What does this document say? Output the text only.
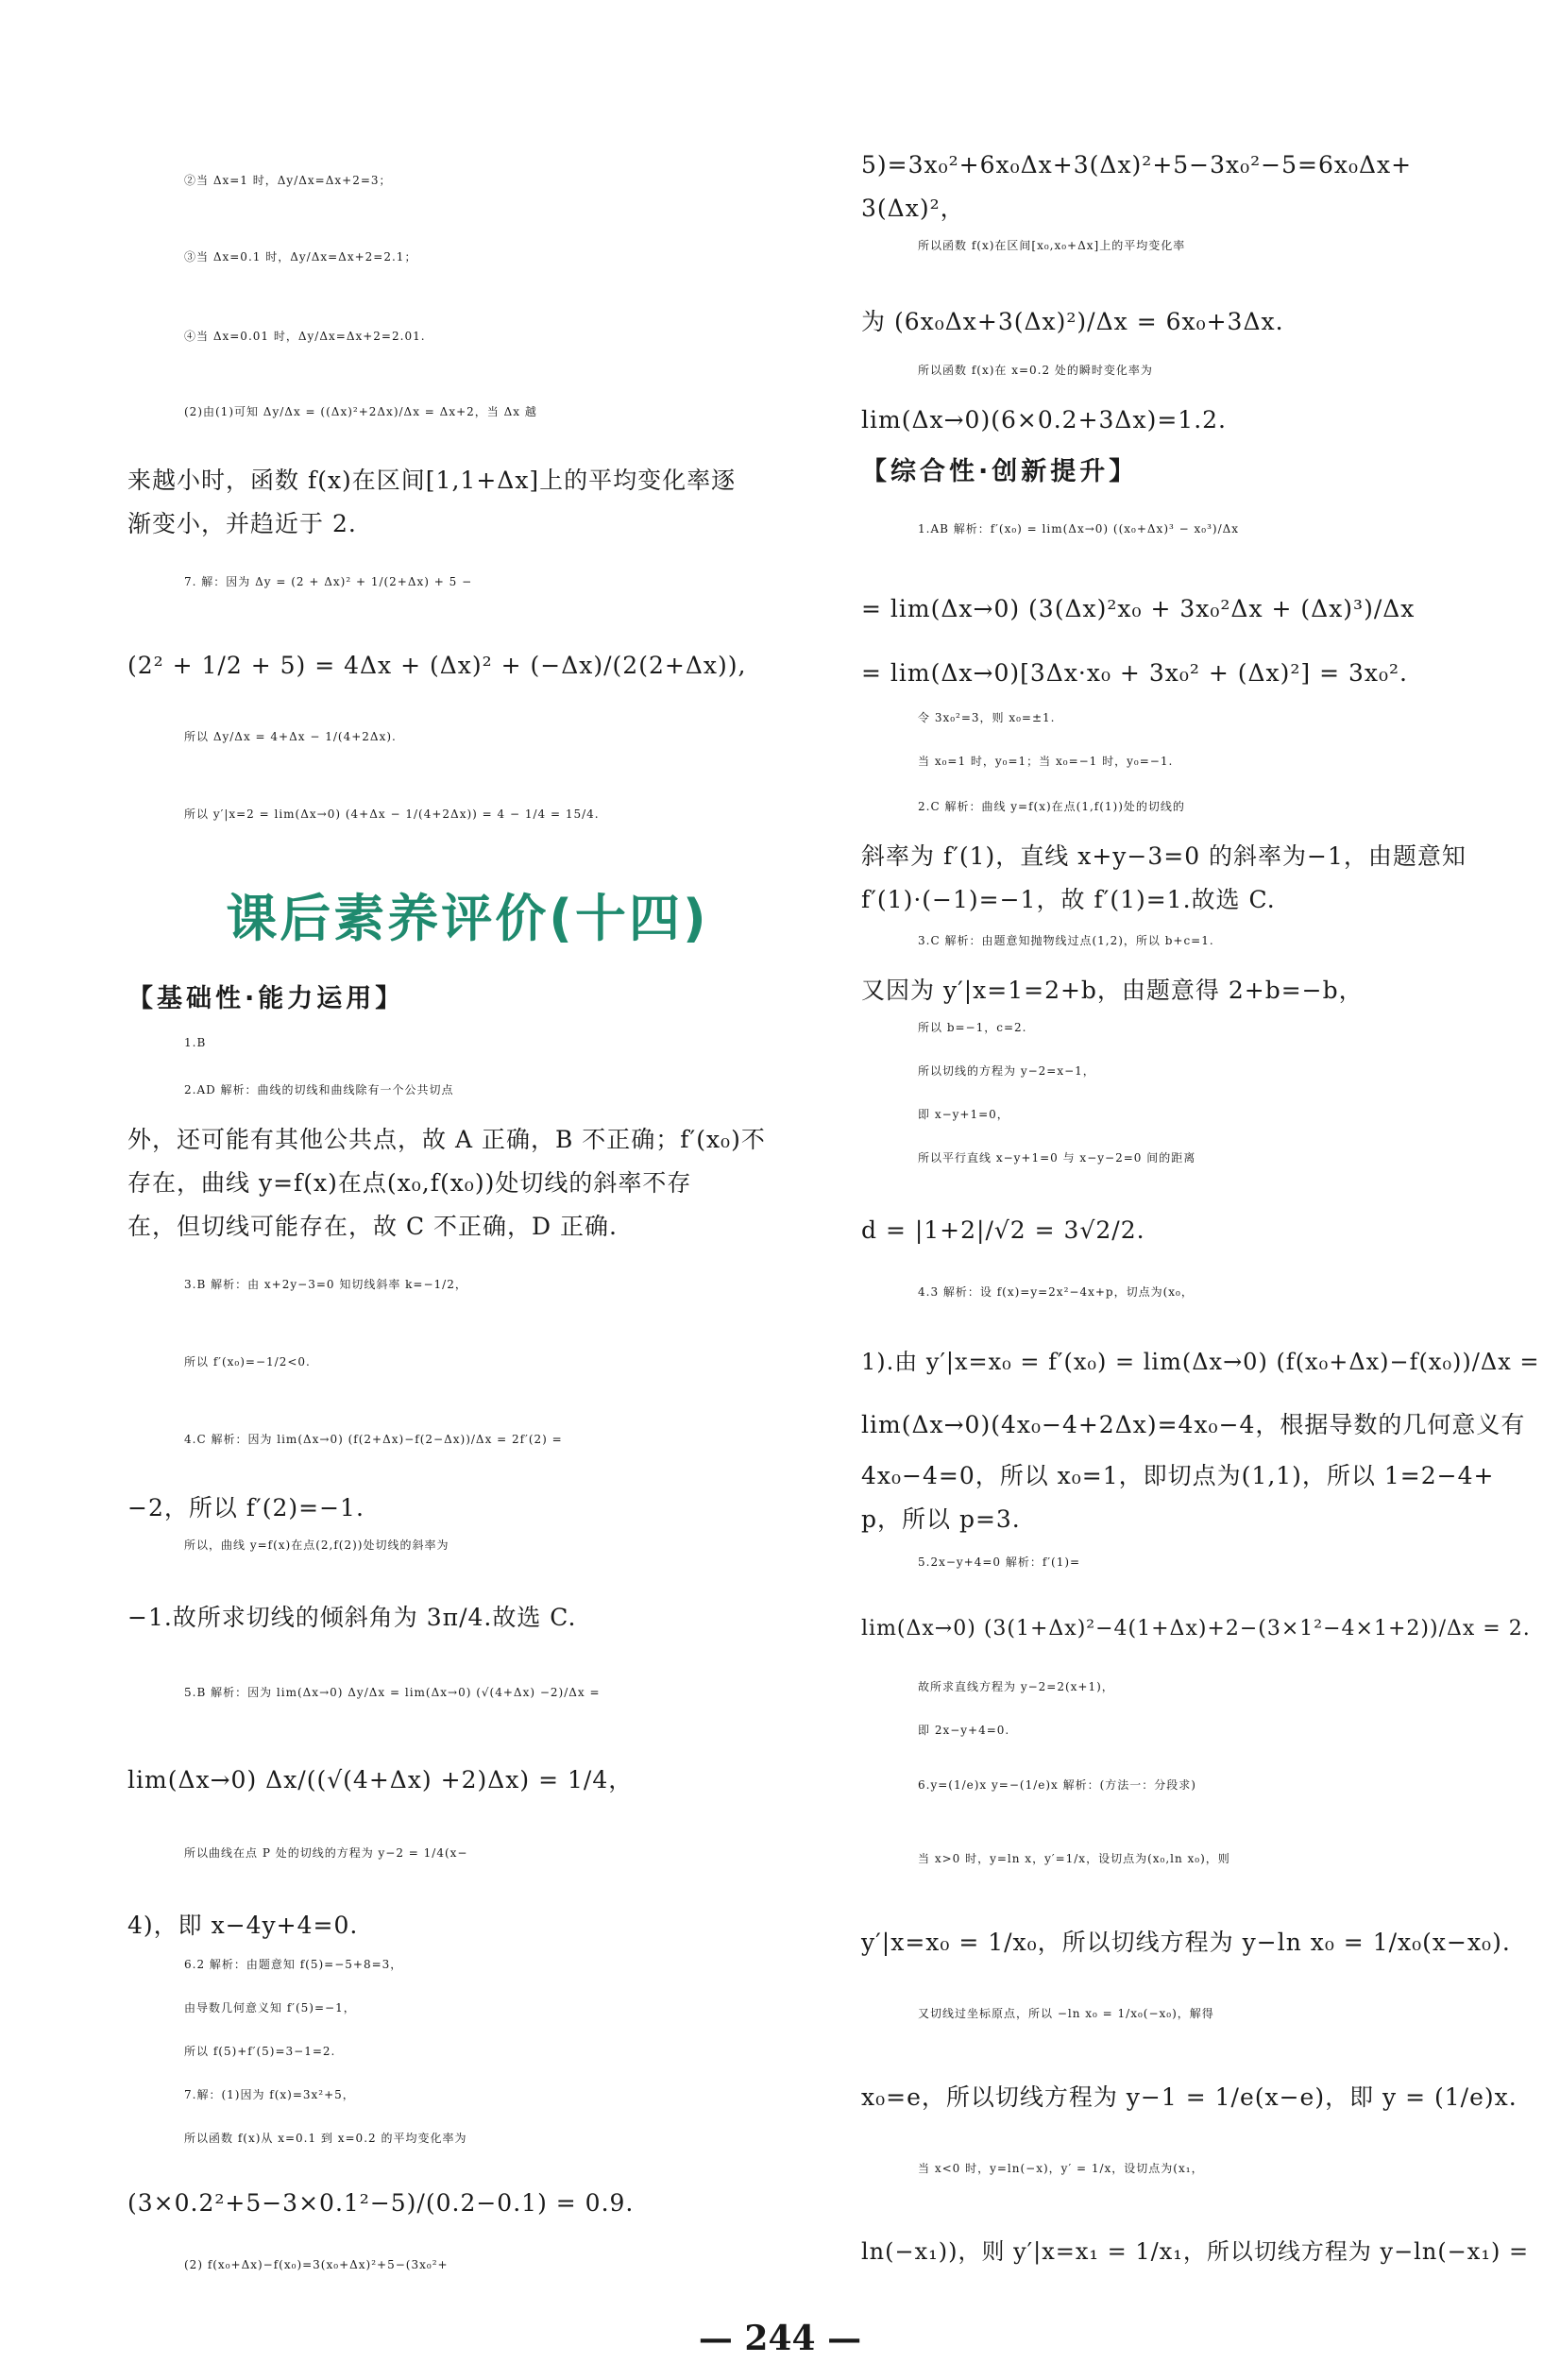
②当 Δx=1 时，Δy/Δx=Δx+2=3；
③当 Δx=0.1 时，Δy/Δx=Δx+2=2.1；
④当 Δx=0.01 时，Δy/Δx=Δx+2=2.01.
(2)由(1)可知 Δy/Δx = ((Δx)²+2Δx)/Δx = Δx+2，当 Δx 越
来越小时，函数 f(x)在区间[1,1+Δx]上的平均变化率逐
渐变小，并趋近于 2.
7. 解：因为 Δy = (2 + Δx)² + 1/(2+Δx) + 5 −
(2² + 1/2 + 5) = 4Δx + (Δx)² + (−Δx)/(2(2+Δx)),
所以 Δy/Δx = 4+Δx − 1/(4+2Δx).
所以 y′|x=2 = lim(Δx→0) (4+Δx − 1/(4+2Δx)) = 4 − 1/4 = 15/4.
课后素养评价(十四)
【基础性·能力运用】
1.B
2.AD 解析：曲线的切线和曲线除有一个公共切点
外，还可能有其他公共点，故 A 正确，B 不正确；f′(x₀)不
存在，曲线 y=f(x)在点(x₀,f(x₀))处切线的斜率不存
在，但切线可能存在，故 C 不正确，D 正确.
3.B 解析：由 x+2y−3=0 知切线斜率 k=−1/2，
所以 f′(x₀)=−1/2<0.
4.C 解析：因为 lim(Δx→0) (f(2+Δx)−f(2−Δx))/Δx = 2f′(2) =
−2，所以 f′(2)=−1.
所以，曲线 y=f(x)在点(2,f(2))处切线的斜率为
−1.故所求切线的倾斜角为 3π/4.故选 C.
5.B 解析：因为 lim(Δx→0) Δy/Δx = lim(Δx→0) (√(4+Δx) −2)/Δx =
lim(Δx→0) Δx/((√(4+Δx) +2)Δx) = 1/4，
所以曲线在点 P 处的切线的方程为 y−2 = 1/4(x−
4)，即 x−4y+4=0.
6.2 解析：由题意知 f(5)=−5+8=3，
由导数几何意义知 f′(5)=−1，
所以 f(5)+f′(5)=3−1=2.
7.解：(1)因为 f(x)=3x²+5，
所以函数 f(x)从 x=0.1 到 x=0.2 的平均变化率为
(3×0.2²+5−3×0.1²−5)/(0.2−0.1) = 0.9.
(2) f(x₀+Δx)−f(x₀)=3(x₀+Δx)²+5−(3x₀²+
5)=3x₀²+6x₀Δx+3(Δx)²+5−3x₀²−5=6x₀Δx+
3(Δx)²，
所以函数 f(x)在区间[x₀,x₀+Δx]上的平均变化率
为 (6x₀Δx+3(Δx)²)/Δx = 6x₀+3Δx.
所以函数 f(x)在 x=0.2 处的瞬时变化率为
lim(Δx→0)(6×0.2+3Δx)=1.2.
【综合性·创新提升】
1.AB 解析：f′(x₀) = lim(Δx→0) ((x₀+Δx)³ − x₀³)/Δx
= lim(Δx→0) (3(Δx)²x₀ + 3x₀²Δx + (Δx)³)/Δx
= lim(Δx→0)[3Δx·x₀ + 3x₀² + (Δx)²] = 3x₀².
令 3x₀²=3，则 x₀=±1.
当 x₀=1 时，y₀=1；当 x₀=−1 时，y₀=−1.
2.C 解析：曲线 y=f(x)在点(1,f(1))处的切线的
斜率为 f′(1)，直线 x+y−3=0 的斜率为−1，由题意知
f′(1)·(−1)=−1，故 f′(1)=1.故选 C.
3.C 解析：由题意知抛物线过点(1,2)，所以 b+c=1.
又因为 y′|x=1=2+b，由题意得 2+b=−b，
所以 b=−1，c=2.
所以切线的方程为 y−2=x−1，
即 x−y+1=0，
所以平行直线 x−y+1=0 与 x−y−2=0 间的距离
d = |1+2|/√2 = 3√2/2.
4.3 解析：设 f(x)=y=2x²−4x+p，切点为(x₀，
1).由 y′|x=x₀ = f′(x₀) = lim(Δx→0) (f(x₀+Δx)−f(x₀))/Δx =
lim(Δx→0)(4x₀−4+2Δx)=4x₀−4，根据导数的几何意义有
4x₀−4=0，所以 x₀=1，即切点为(1,1)，所以 1=2−4+
p，所以 p=3.
5.2x−y+4=0 解析：f′(1)=
lim(Δx→0) (3(1+Δx)²−4(1+Δx)+2−(3×1²−4×1+2))/Δx = 2.
故所求直线方程为 y−2=2(x+1)，
即 2x−y+4=0.
6.y=(1/e)x y=−(1/e)x 解析：(方法一：分段求)
当 x>0 时，y=ln x，y′=1/x，设切点为(x₀,ln x₀)，则
y′|x=x₀ = 1/x₀，所以切线方程为 y−ln x₀ = 1/x₀(x−x₀).
又切线过坐标原点，所以 −ln x₀ = 1/x₀(−x₀)，解得
x₀=e，所以切线方程为 y−1 = 1/e(x−e)，即 y = (1/e)x.
当 x<0 时，y=ln(−x)，y′ = 1/x，设切点为(x₁，
ln(−x₁))，则 y′|x=x₁ = 1/x₁，所以切线方程为 y−ln(−x₁) =
— 244 —
